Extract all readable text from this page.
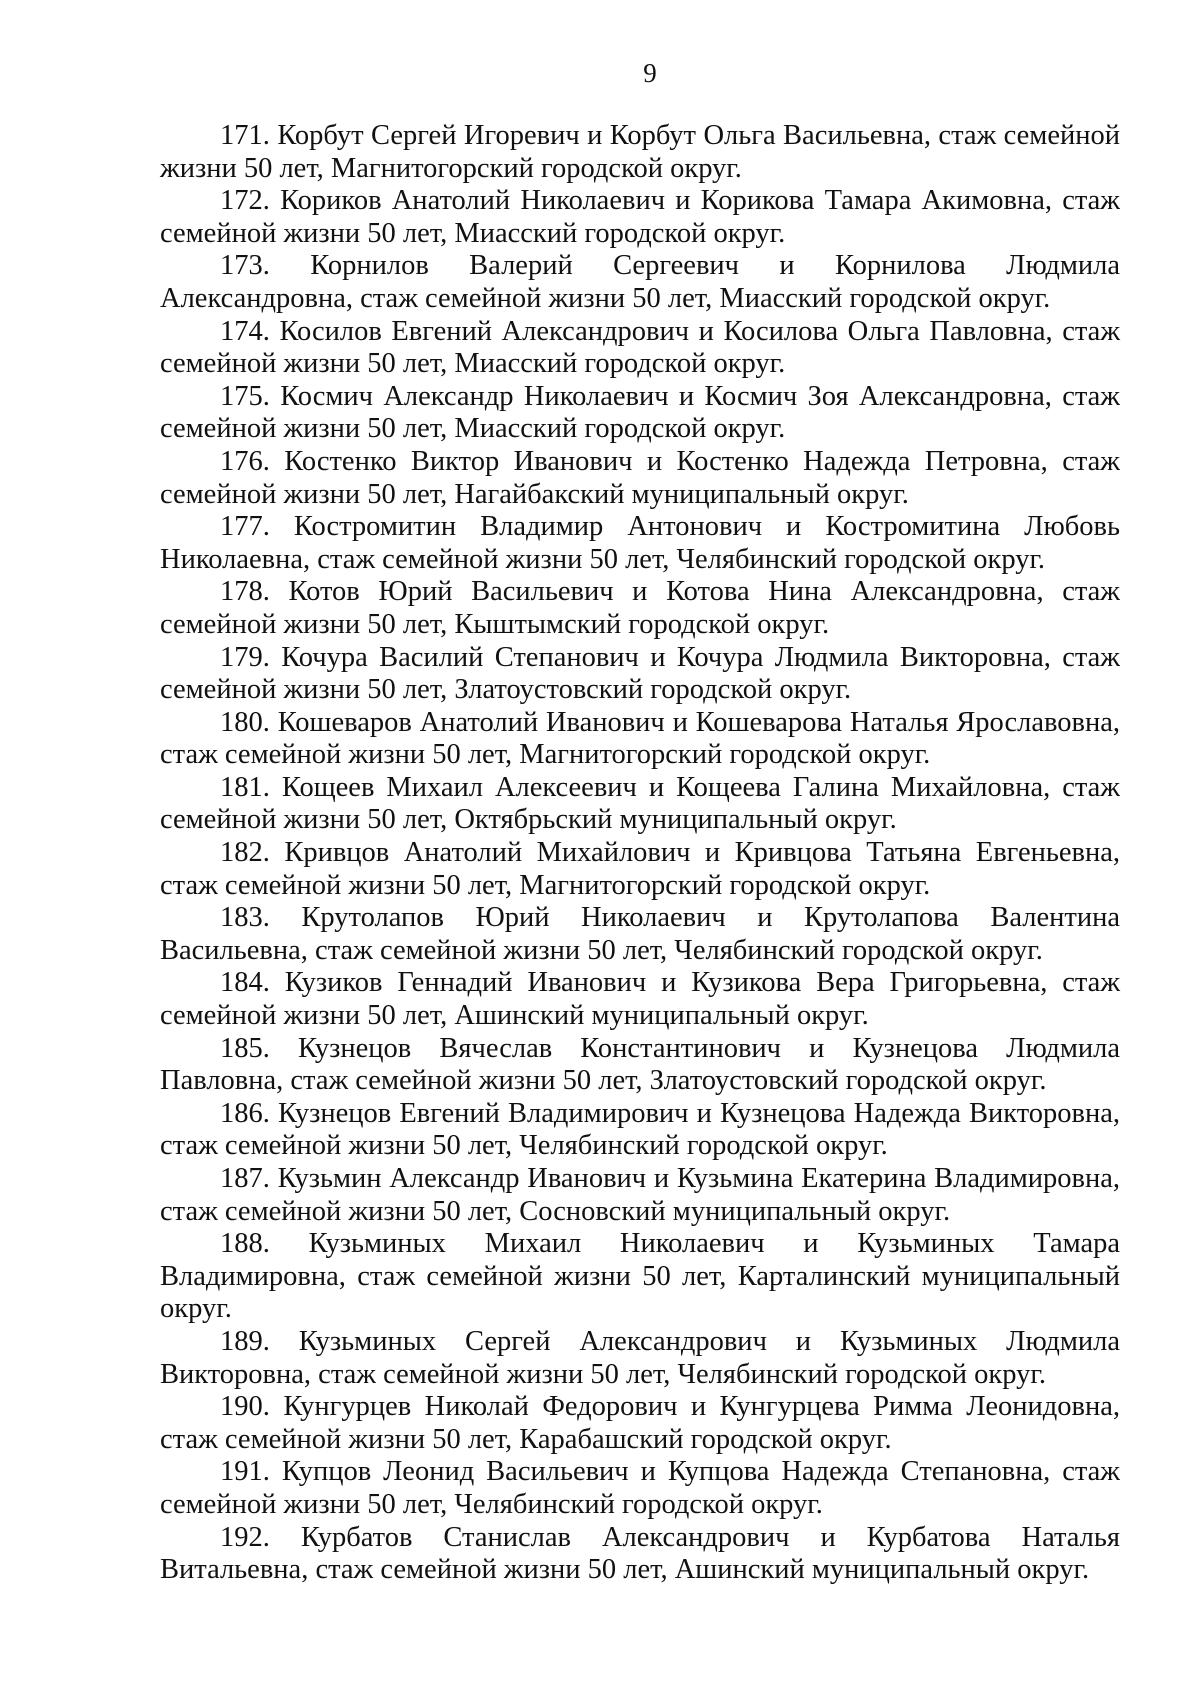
9

171. Корбут Сергей Игоревич и Корбут Ольга Васильевна, стаж семейной жизни 50 лет, Магнитогорский городской округ.

172. Кориков Анатолий Николаевич и Корикова Тамара Акимовна, стаж семейной жизни 50 лет, Миасский городской округ.

173. Корнилов Валерий Сергеевич и Корнилова Людмила Александровна, стаж семейной жизни 50 лет, Миасский городской округ.

174. Косилов Евгений Александрович и Косилова Ольга Павловна, стаж семейной жизни 50 лет, Миасский городской округ.

175. Космич Александр Николаевич и Космич Зоя Александровна, стаж семейной жизни 50 лет, Миасский городской округ.

176. Костенко Виктор Иванович и Костенко Надежда Петровна, стаж семейной жизни 50 лет, Нагайбакский муниципальный округ.

177. Костромитин Владимир Антонович и Костромитина Любовь Николаевна, стаж семейной жизни 50 лет, Челябинский городской округ.

178. Котов Юрий Васильевич и Котова Нина Александровна, стаж семейной жизни 50 лет, Кыштымский городской округ.

179. Кочура Василий Степанович и Кочура Людмила Викторовна, стаж семейной жизни 50 лет, Златоустовский городской округ.

180. Кошеваров Анатолий Иванович и Кошеварова Наталья Ярославовна, стаж семейной жизни 50 лет, Магнитогорский городской округ.

181. Кощеев Михаил Алексеевич и Кощеева Галина Михайловна, стаж семейной жизни 50 лет, Октябрьский муниципальный округ.

182. Кривцов Анатолий Михайлович и Кривцова Татьяна Евгеньевна, стаж семейной жизни 50 лет, Магнитогорский городской округ.

183. Крутолапов Юрий Николаевич и Крутолапова Валентина Васильевна, стаж семейной жизни 50 лет, Челябинский городской округ.

184. Кузиков Геннадий Иванович и Кузикова Вера Григорьевна, стаж семейной жизни 50 лет, Ашинский муниципальный округ.

185. Кузнецов Вячеслав Константинович и Кузнецова Людмила Павловна, стаж семейной жизни 50 лет, Златоустовский городской округ.

186. Кузнецов Евгений Владимирович и Кузнецова Надежда Викторовна, стаж семейной жизни 50 лет, Челябинский городской округ.

187. Кузьмин Александр Иванович и Кузьмина Екатерина Владимировна, стаж семейной жизни 50 лет, Сосновский муниципальный округ.

188. Кузьминых Михаил Николаевич и Кузьминых Тамара Владимировна, стаж семейной жизни 50 лет, Карталинский муниципальный округ.

189. Кузьминых Сергей Александрович и Кузьминых Людмила Викторовна, стаж семейной жизни 50 лет, Челябинский городской округ.

190. Кунгурцев Николай Федорович и Кунгурцева Римма Леонидовна, стаж семейной жизни 50 лет, Карабашский городской округ.

191. Купцов Леонид Васильевич и Купцова Надежда Степановна, стаж семейной жизни 50 лет, Челябинский городской округ.

192. Курбатов Станислав Александрович и Курбатова Наталья Витальевна, стаж семейной жизни 50 лет, Ашинский муниципальный округ.
